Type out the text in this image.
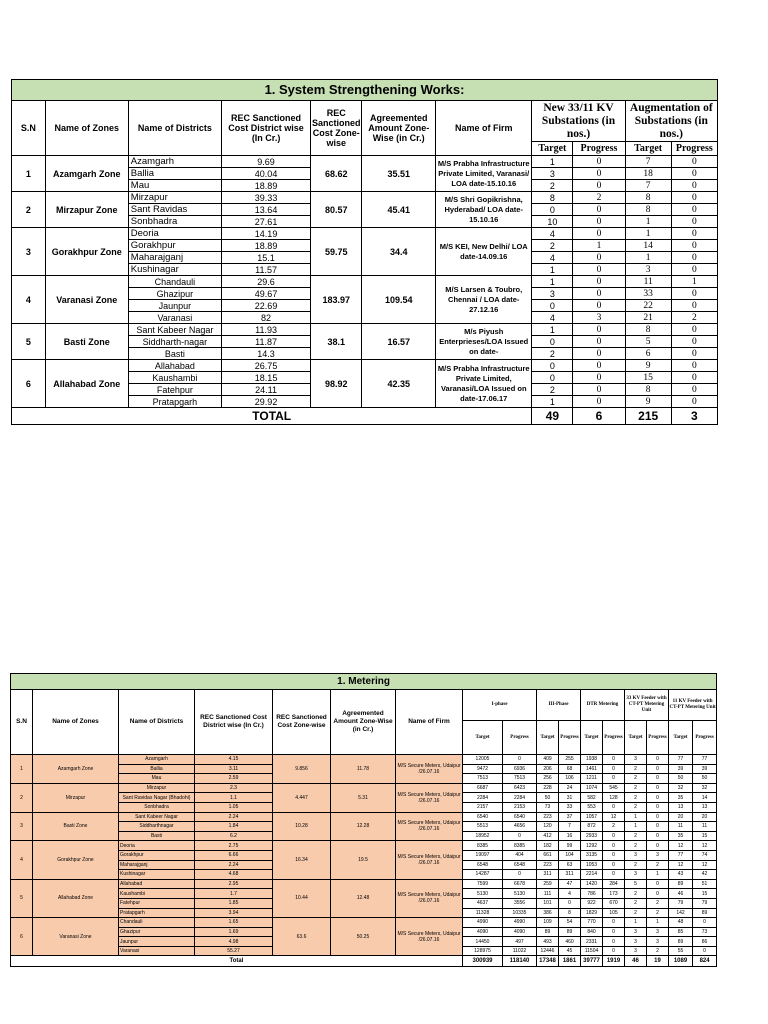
1. System Strengthening Works:										
S.N	Name of Zones	Name of Districts	REC Sanctioned Cost District wise (In Cr.)	REC Sanctioned Cost Zone-wise	Agreemented Amount Zone-Wise (in Cr.)	Name of Firm	New 33/11 KV Substations (in nos.)		Augmentation of Substations (in nos.)	
							Target	Progress	Target	Progress
1	Azamgarh Zone	Azamgarh	9.69	68.62	35.51	M/S Prabha Infrastructure Private Limited, Varanasi/ LOA date-15.10.16	1	0	7	0
		Ballia	40.04				3	0	18	0
		Mau	18.89				2	0	7	0
2	Mirzapur Zone	Mirzapur	39.33	80.57	45.41	M/S Shri Gopikrishna, Hyderabad/ LOA date-15.10.16	8	2	8	0
		Sant Ravidas	13.64				0	0	8	0
		Sonbhadra	27.61				10	0	1	0
3	Gorakhpur Zone	Deoria	14.19	59.75	34.4	M/S KEI, New Delhi/ LOA date-14.09.16	4	0	1	0
		Gorakhpur	18.89				2	1	14	0
		Maharajganj	15.1				4	0	1	0
		Kushinagar	11.57				1	0	3	0
4	Varanasi Zone	Chandauli	29.6	183.97	109.54	M/S Larsen & Toubro, Chennai / LOA date-27.12.16	1	0	11	1
		Ghazipur	49.67				3	0	33	0
		Jaunpur	22.69				0	0	22	0
		Varanasi	82				4	3	21	2
5	Basti Zone	Sant Kabeer Nagar	11.93	38.1	16.57	M/s Piyush Enterprieses/LOA Issued on date-	1	0	8	0
		Siddharth-nagar	11.87				0	0	5	0
		Basti	14.3				2	0	6	0
6	Allahabad Zone	Allahabad	26.75	98.92	42.35	M/S Prabha Infrastructure Private Limited, Varanasi/LOA Issued on date-17.06.17	0	0	9	0
		Kaushambi	18.15				0	0	15	0
		Fatehpur	24.11				2	0	8	0
		Pratapgarh	29.92				1	0	9	0
TOTAL							49	6	215	3
1. Metering																
S.N	Name of Zones	Name of Districts	REC Sanctioned Cost District wise (In Cr.)	REC Sanctioned Cost Zone-wise	Agreemented Amount Zone-Wise (in Cr.)	Name of Firm	I-phase		III-Phase		DTR Metering		33 KV Feeder with CT-PT Metering Unit		11 KV Feeder with CT-PT Metering Unit	
							Target	Progress	Target	Progress	Target	Progress	Target	Progress	Target	Progress
1	Azamgarh Zone	Azamgarh	4.15	9.856	11.78	M/S Secure Meters, Udaipur /26.07.16	12005	0	409	255	1938	0	3	0	77	77
		Ballia	3.11				9472	6936	206	68	1461	0	2	0	39	39
		Mau	2.59				7513	7513	256	106	1211	0	2	0	50	50
2	Mirzapur	Mirzapur	2.3	4.447	5.31	M/S Secure Meters, Udaipur /26.07.16	6687	6423	228	24	1074	545	2	0	32	32
		Sant Ravidas Nagar (Bhadohi)	1.1				2284	2284	50	31	582	128	2	0	35	14
		Sonbhadra	1.05				2157	2153	73	33	553	0	2	0	13	13
3	Basti Zone	Sant Kabeer Nagar	2.24	10.28	12.28	M/S Secure Meters, Udaipur /26.07.16	6540	6540	223	37	1057	12	1	0	20	20
		Siddharthnagar	1.84				5513	4656	120	7	872	2	1	0	11	11
		Basti	6.2				18952	0	412	16	2933	0	2	0	35	15
4	Gorakhpur Zone	Deoria	2.75	16.34	19.5	M/S Secure Meters, Udaipur /26.07.16	8385	8385	182	99	1292	0	2	0	12	12
		Gorakhpur	6.66				19097	404	661	104	3135	0	3	3	77	74
		Maharajganj	2.24				6548	6548	223	63	1053	0	2	2	12	12
		Kushinagar	4.68				14287	0	311	311	2214	0	3	1	43	42
5	Allahabad Zone	Allahabad	2.95	10.44	12.48	M/S Secure Meters, Udaipur /26.07.16	7599	6678	259	47	1420	284	5	0	89	51
		Kaushambi	1.7				5130	5130	111	4	786	173	2	0	46	15
		Fatehpur	1.85				4637	3556	101	0	922	670	2	2	79	79
		Pratapgarh	3.94				11328	10335	386	8	1829	105	2	2	142	89
6	Varanasi Zone	Chandauli	1.65	63.6	50.25	M/S Secure Meters, Udaipur /26.07.16	4990	4990	109	54	770	0	1	1	48	0
		Ghazipur	1.69				4090	4090	89	89	840	0	3	3	85	73
		Jaunpur	4.98				14450	497	493	460	2331	0	3	3	89	86
		Varanasi	55.27				128975	11022	12446	45	11504	0	3	2	55	0
Total							300939	118140	17348	1861	39777	1919	46	19	1089	824
